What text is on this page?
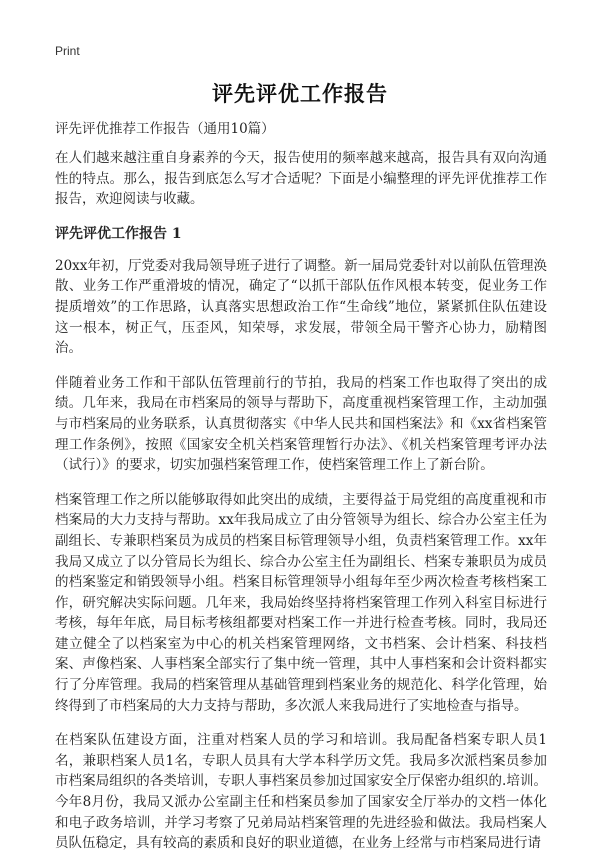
Print
评先评优工作报告
评先评优推荐工作报告（通用10篇）

在人们越来越注重自身素养的今天，报告使用的频率越来越高，报告具有双向沟通性的特点。那么，报告到底怎么写才合适呢？下面是小编整理的评先评优推荐工作报告，欢迎阅读与收藏。

评先评优工作报告 1

20xx年初，厅党委对我局领导班子进行了调整。新一届局党委针对以前队伍管理涣散、业务工作严重滑坡的情况，确定了“以抓干部队伍作风根本转变，促业务工作提质增效”的工作思路，认真落实思想政治工作“生命线”地位，紧紧抓住队伍建设这一根本，树正气，压歪风，知荣辱，求发展，带领全局干警齐心协力，励精图治。

伴随着业务工作和干部队伍管理前行的节拍，我局的档案工作也取得了突出的成绩。几年来，我局在市档案局的领导与帮助下，高度重视档案管理工作，主动加强与市档案局的业务联系，认真贯彻落实《中华人民共和国档案法》和《xx省档案管理工作条例》，按照《国家安全机关档案管理暂行办法》、《机关档案管理考评办法（试行）》的要求，切实加强档案管理工作，使档案管理工作上了新台阶。

档案管理工作之所以能够取得如此突出的成绩，主要得益于局党组的高度重视和市档案局的大力支持与帮助。xx年我局成立了由分管领导为组长、综合办公室主任为副组长、专兼职档案员为成员的档案目标管理领导小组，负责档案管理工作。xx年我局又成立了以分管局长为组长、综合办公室主任为副组长、档案专兼职员为成员的档案鉴定和销毁领导小组。档案目标管理领导小组每年至少两次检查考核档案工作，研究解决实际问题。几年来，我局始终坚持将档案管理工作列入科室目标进行考核，每年年底，局目标考核组都要对档案工作一并进行检查考核。同时，我局还建立健全了以档案室为中心的机关档案管理网络，文书档案、会计档案、科技档案、声像档案、人事档案全部实行了集中统一管理，其中人事档案和会计资料都实行了分库管理。我局的档案管理从基础管理到档案业务的规范化、科学化管理，始终得到了市档案局的大力支持与帮助，多次派人来我局进行了实地检查与指导。

在档案队伍建设方面，注重对档案人员的学习和培训。我局配备档案专职人员1名，兼职档案人员1名，专职人员具有大学本科学历文凭。我局多次派档案员参加市档案局组织的各类培训，专职人事档案员参加过国家安全厅保密办组织的.培训。今年8月份，我局又派办公室副主任和档案员参加了国家安全厅举办的文档一体化和电子政务培训，并学习考察了兄弟局站档案管理的先进经验和做法。我局档案人员队伍稳定，具有较高的素质和良好的职业道德，在业务上经常与市档案局进行请
